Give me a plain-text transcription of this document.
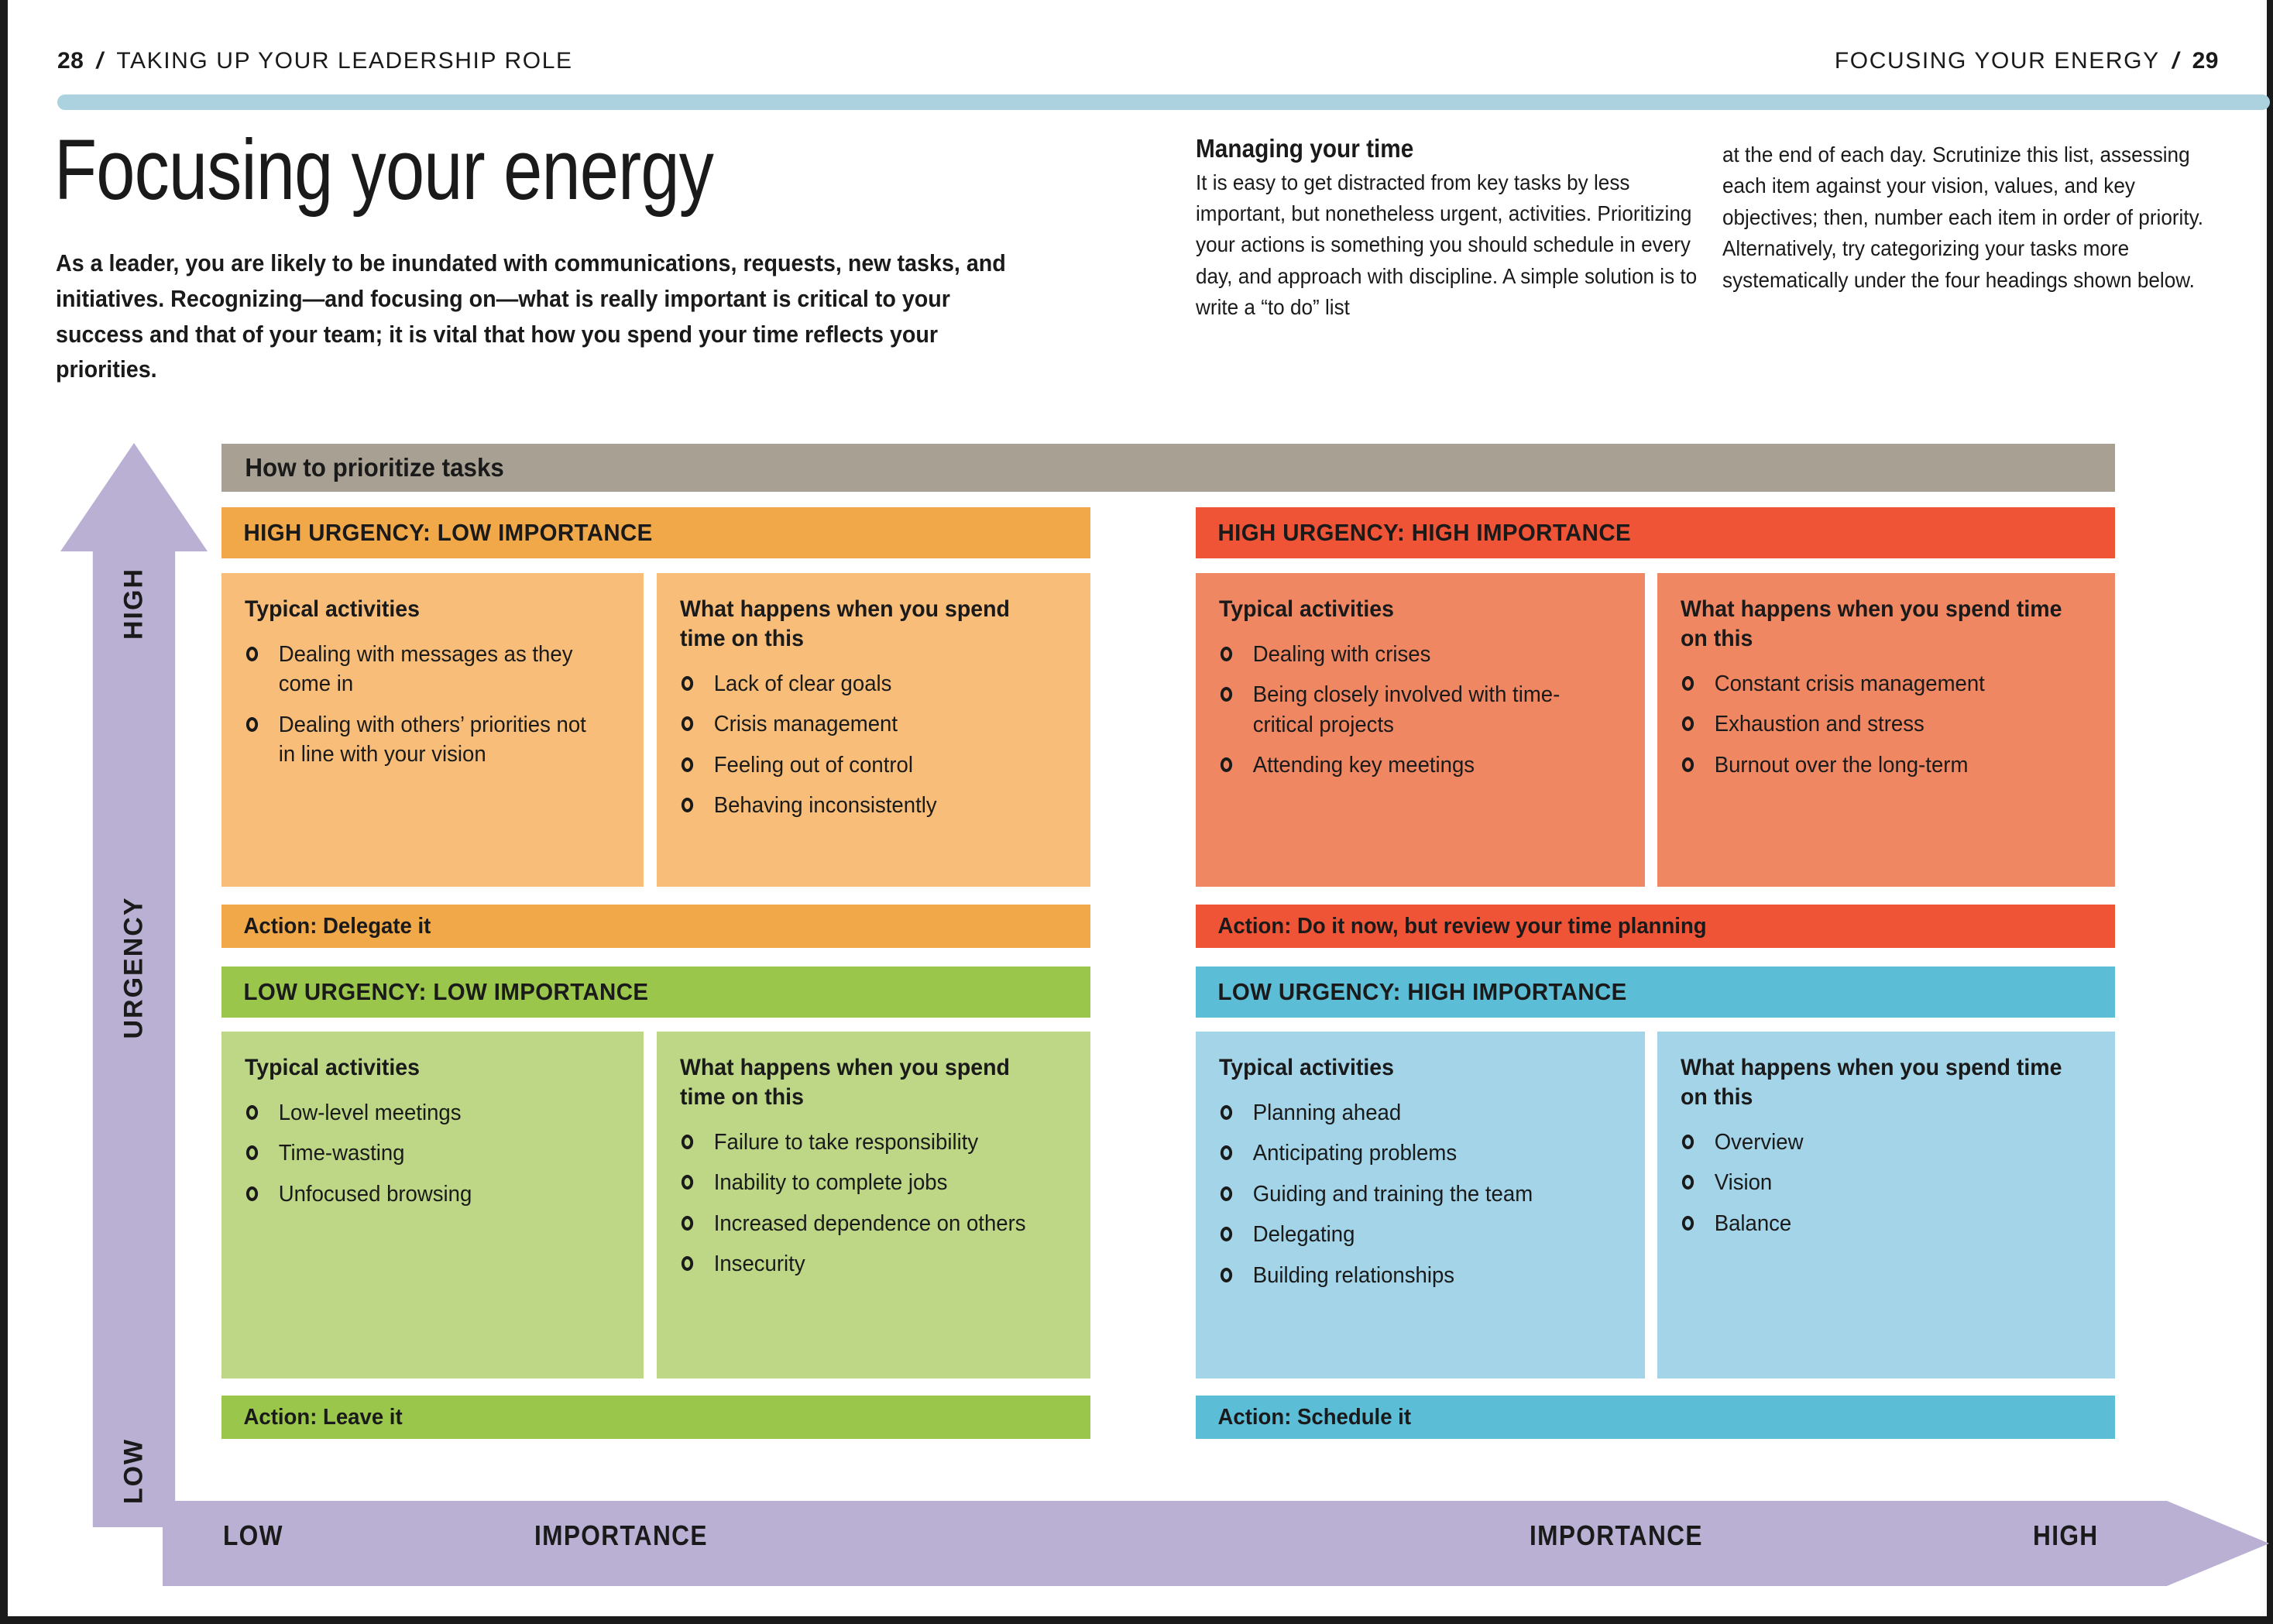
28 / TAKING UP YOUR LEADERSHIP ROLE	FOCUSING YOUR ENERGY / 29
Focusing your energy
As a leader, you are likely to be inundated with communications, requests, new tasks, and initiatives. Recognizing—and focusing on—what is really important is critical to your success and that of your team; it is vital that how you spend your time reflects your priorities.
Managing your time
It is easy to get distracted from key tasks by less important, but nonetheless urgent, activities. Prioritizing your actions is something you should schedule in every day, and approach with discipline. A simple solution is to write a “to do” list
at the end of each day. Scrutinize this list, assessing each item against your vision, values, and key objectives; then, number each item in order of priority. Alternatively, try categorizing your tasks more systematically under the four headings shown below.
HIGH
URGENCY
LOW
How to prioritize tasks
HIGH URGENCY: LOW IMPORTANCE
Typical activities
Dealing with messages as they come in
Dealing with others’ priorities not in line with your vision
What happens when you spend time on this
Lack of clear goals
Crisis management
Feeling out of control
Behaving inconsistently
Action: Delegate it
HIGH URGENCY: HIGH IMPORTANCE
Typical activities
Dealing with crises
Being closely involved with time-critical projects
Attending key meetings
What happens when you spend time on this
Constant crisis management
Exhaustion and stress
Burnout over the long-term
Action: Do it now, but review your time planning
LOW URGENCY: LOW IMPORTANCE
Typical activities
Low-level meetings
Time-wasting
Unfocused browsing
What happens when you spend time on this
Failure to take responsibility
Inability to complete jobs
Increased dependence on others
Insecurity
Action: Leave it
LOW URGENCY: HIGH IMPORTANCE
Typical activities
Planning ahead
Anticipating problems
Guiding and training the team
Delegating
Building relationships
What happens when you spend time on this
Overview
Vision
Balance
Action: Schedule it
LOW	IMPORTANCE	IMPORTANCE	HIGH
